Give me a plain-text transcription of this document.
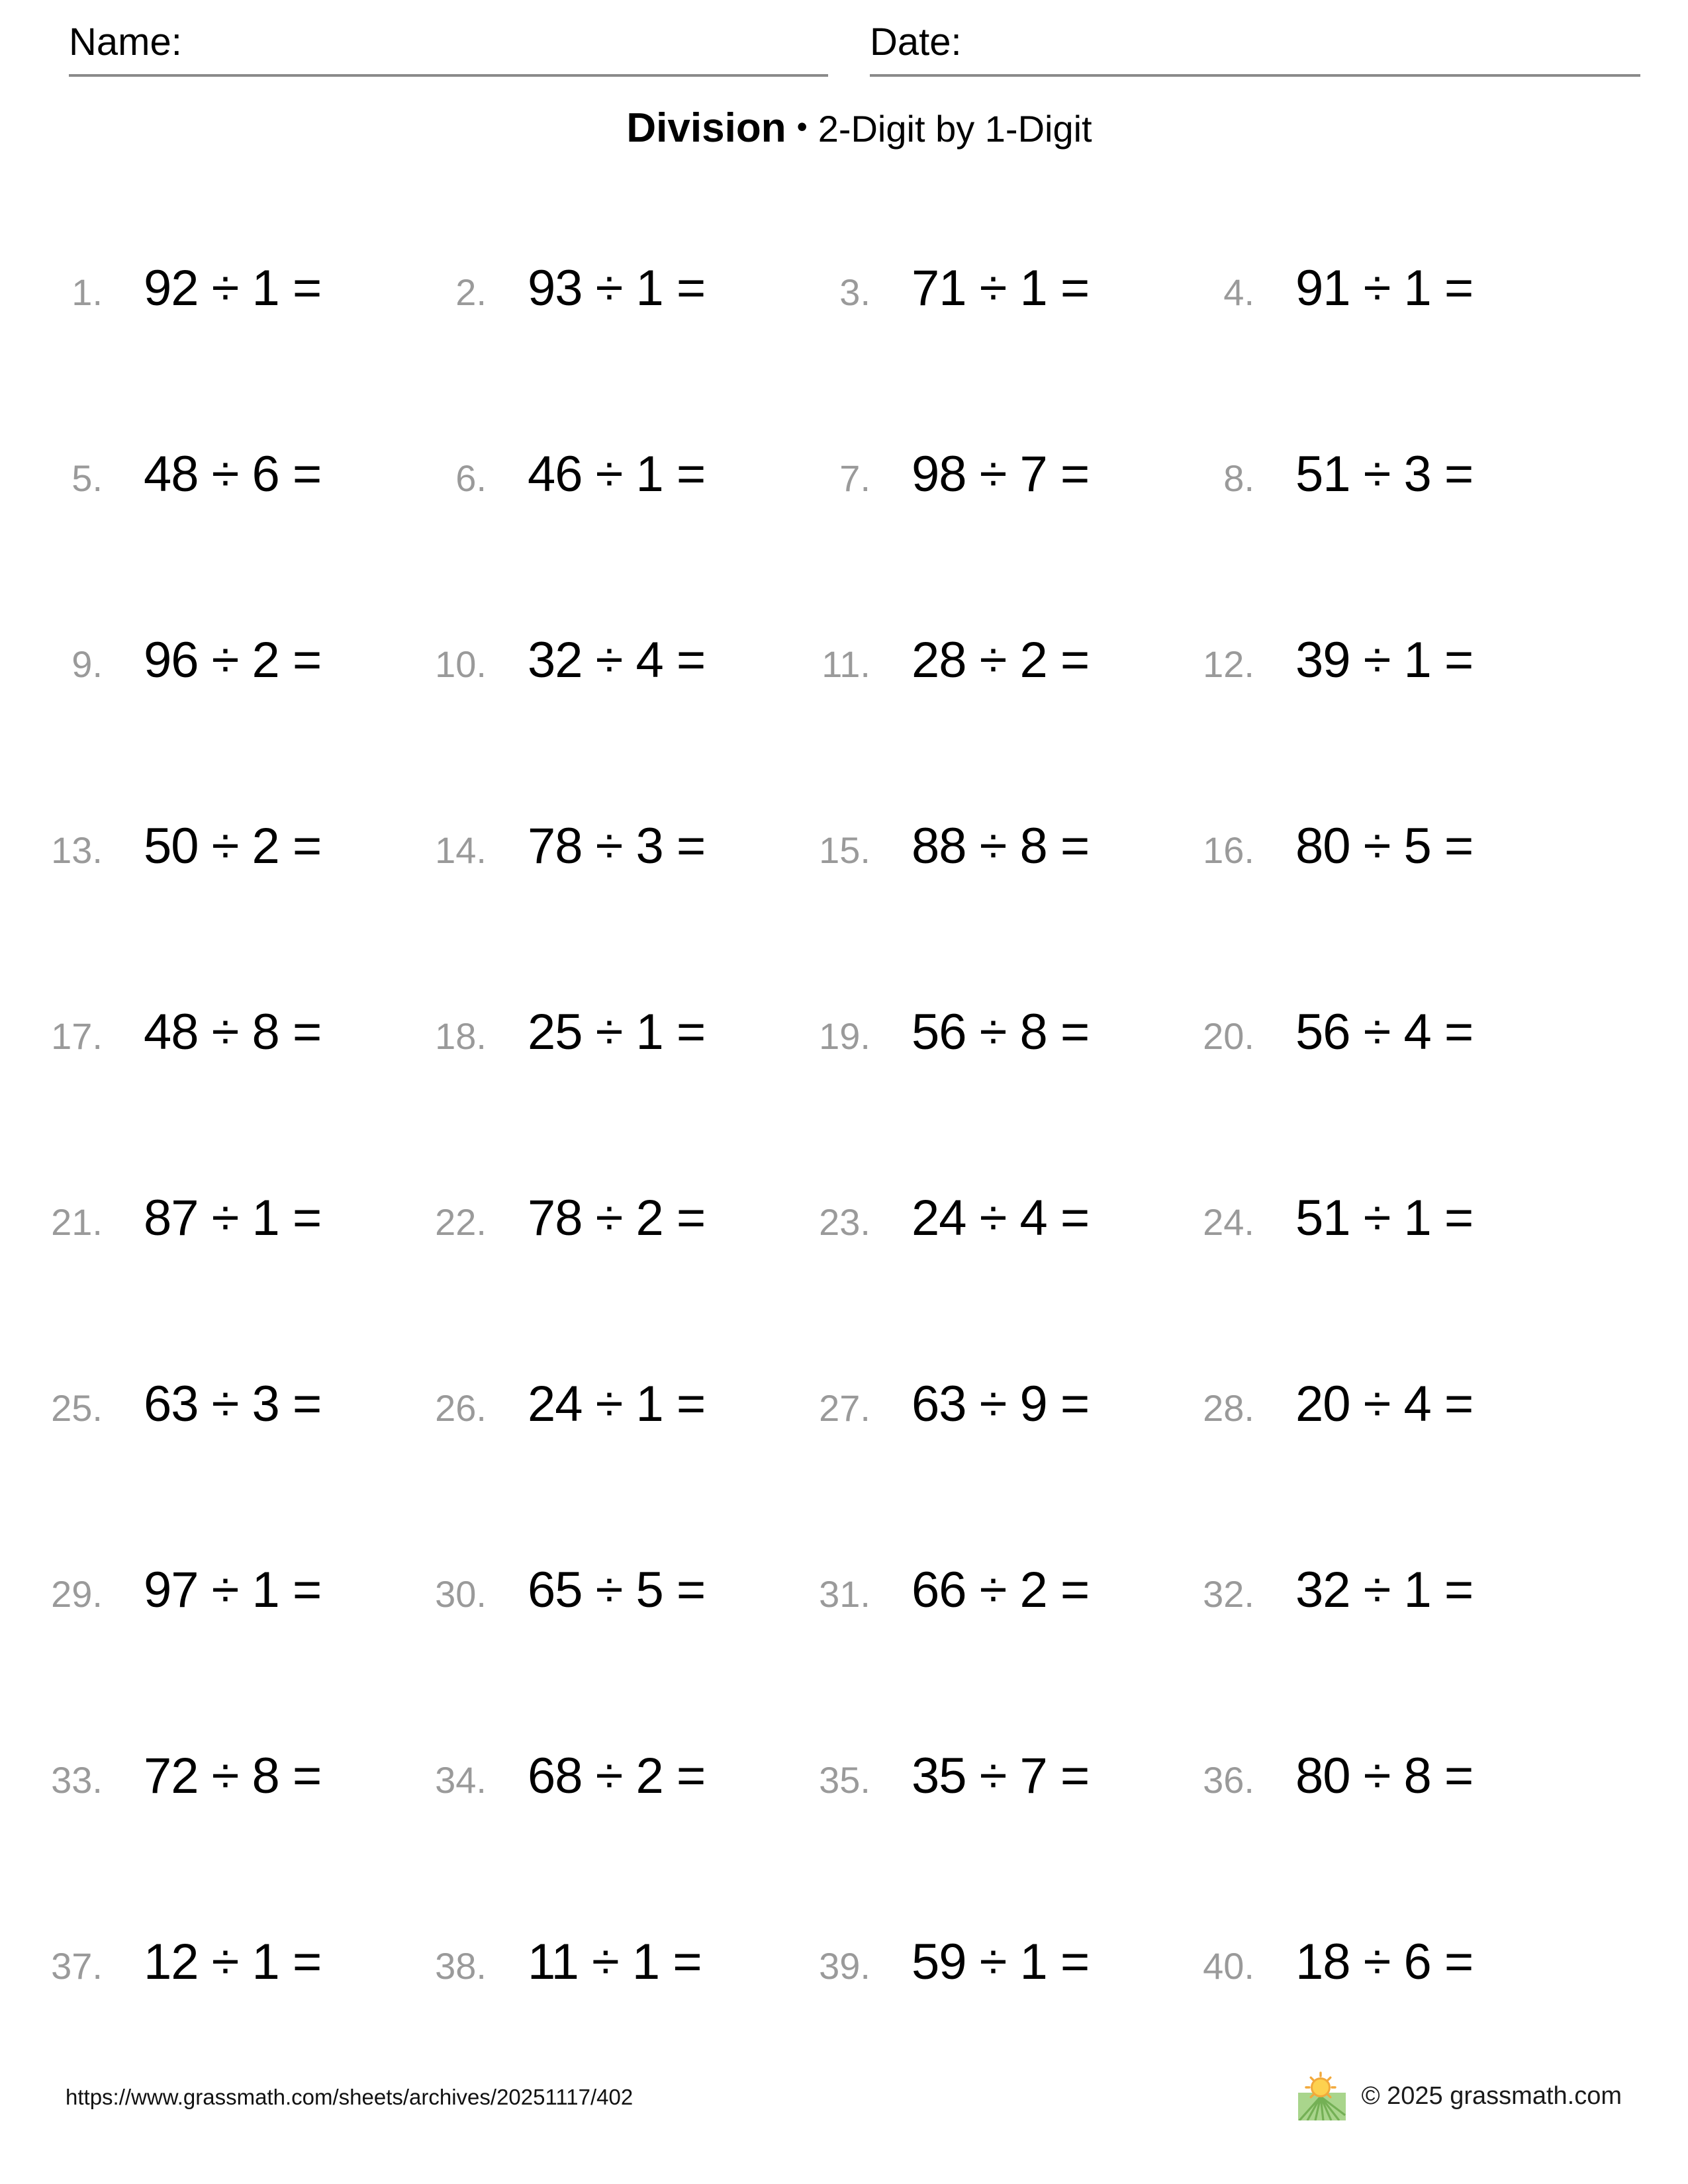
Name:	Date:
Division • 2-Digit by 1-Digit
1. 92 ÷ 1 =	2. 93 ÷ 1 =	3. 71 ÷ 1 =	4. 91 ÷ 1 =
5. 48 ÷ 6 =	6. 46 ÷ 1 =	7. 98 ÷ 7 =	8. 51 ÷ 3 =
9. 96 ÷ 2 =	10. 32 ÷ 4 =	11. 28 ÷ 2 =	12. 39 ÷ 1 =
13. 50 ÷ 2 =	14. 78 ÷ 3 =	15. 88 ÷ 8 =	16. 80 ÷ 5 =
17. 48 ÷ 8 =	18. 25 ÷ 1 =	19. 56 ÷ 8 =	20. 56 ÷ 4 =
21. 87 ÷ 1 =	22. 78 ÷ 2 =	23. 24 ÷ 4 =	24. 51 ÷ 1 =
25. 63 ÷ 3 =	26. 24 ÷ 1 =	27. 63 ÷ 9 =	28. 20 ÷ 4 =
29. 97 ÷ 1 =	30. 65 ÷ 5 =	31. 66 ÷ 2 =	32. 32 ÷ 1 =
33. 72 ÷ 8 =	34. 68 ÷ 2 =	35. 35 ÷ 7 =	36. 80 ÷ 8 =
37. 12 ÷ 1 =	38. 11 ÷ 1 =	39. 59 ÷ 1 =	40. 18 ÷ 6 =
https://www.grassmath.com/sheets/archives/20251117/402	© 2025 grassmath.com
